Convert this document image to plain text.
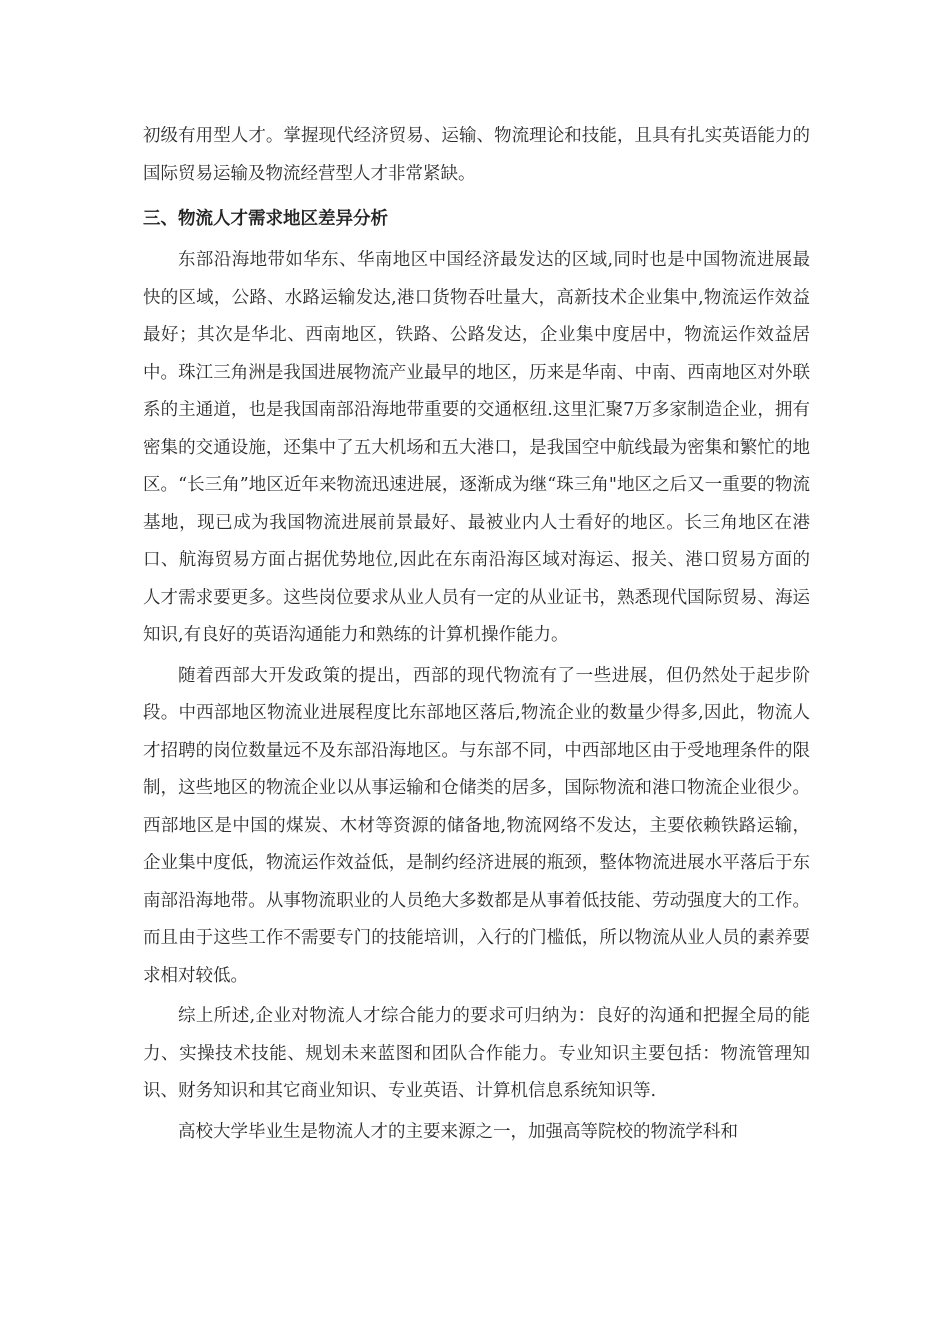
初级有用型人才。掌握现代经济贸易、运输、物流理论和技能，且具有扎实英语能力的国际贸易运输及物流经营型人才非常紧缺。

三、物流人才需求地区差异分析

东部沿海地带如华东、华南地区中国经济最发达的区域,同时也是中国物流进展最快的区域，公路、水路运输发达,港口货物吞吐量大，高新技术企业集中,物流运作效益最好；其次是华北、西南地区，铁路、公路发达，企业集中度居中，物流运作效益居中。珠江三角洲是我国进展物流产业最早的地区，历来是华南、中南、西南地区对外联系的主通道，也是我国南部沿海地带重要的交通枢纽.这里汇聚7万多家制造企业，拥有密集的交通设施，还集中了五大机场和五大港口，是我国空中航线最为密集和繁忙的地区。“长三角”地区近年来物流迅速进展，逐渐成为继“珠三角"地区之后又一重要的物流基地，现已成为我国物流进展前景最好、最被业内人士看好的地区。长三角地区在港口、航海贸易方面占据优势地位,因此在东南沿海区域对海运、报关、港口贸易方面的人才需求要更多。这些岗位要求从业人员有一定的从业证书，熟悉现代国际贸易、海运知识,有良好的英语沟通能力和熟练的计算机操作能力。

随着西部大开发政策的提出，西部的现代物流有了一些进展，但仍然处于起步阶段。中西部地区物流业进展程度比东部地区落后,物流企业的数量少得多,因此，物流人才招聘的岗位数量远不及东部沿海地区。与东部不同，中西部地区由于受地理条件的限制，这些地区的物流企业以从事运输和仓储类的居多，国际物流和港口物流企业很少。西部地区是中国的煤炭、木材等资源的储备地,物流网络不发达，主要依赖铁路运输，企业集中度低，物流运作效益低，是制约经济进展的瓶颈，整体物流进展水平落后于东南部沿海地带。从事物流职业的人员绝大多数都是从事着低技能、劳动强度大的工作。而且由于这些工作不需要专门的技能培训，入行的门槛低，所以物流从业人员的素养要求相对较低。

综上所述,企业对物流人才综合能力的要求可归纳为：良好的沟通和把握全局的能力、实操技术技能、规划未来蓝图和团队合作能力。专业知识主要包括：物流管理知识、财务知识和其它商业知识、专业英语、计算机信息系统知识等.

高校大学毕业生是物流人才的主要来源之一，加强高等院校的物流学科和
